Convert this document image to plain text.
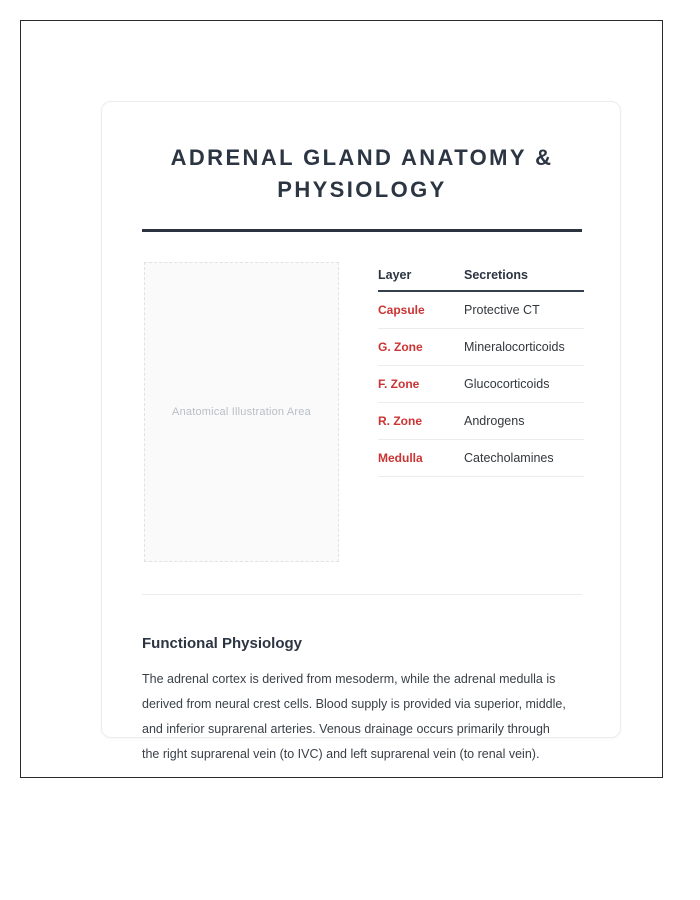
ADRENAL GLAND ANATOMY & PHYSIOLOGY
Anatomical Illustration Area
Layer	Secretions
Capsule	Protective CT
G. Zone	Mineralocorticoids
F. Zone	Glucocorticoids
R. Zone	Androgens
Medulla	Catecholamines
Functional Physiology

The adrenal cortex is derived from mesoderm, while the adrenal medulla is derived from neural crest cells. Blood supply is provided via superior, middle, and inferior suprarenal arteries. Venous drainage occurs primarily through the right suprarenal vein (to IVC) and left suprarenal vein (to renal vein).
